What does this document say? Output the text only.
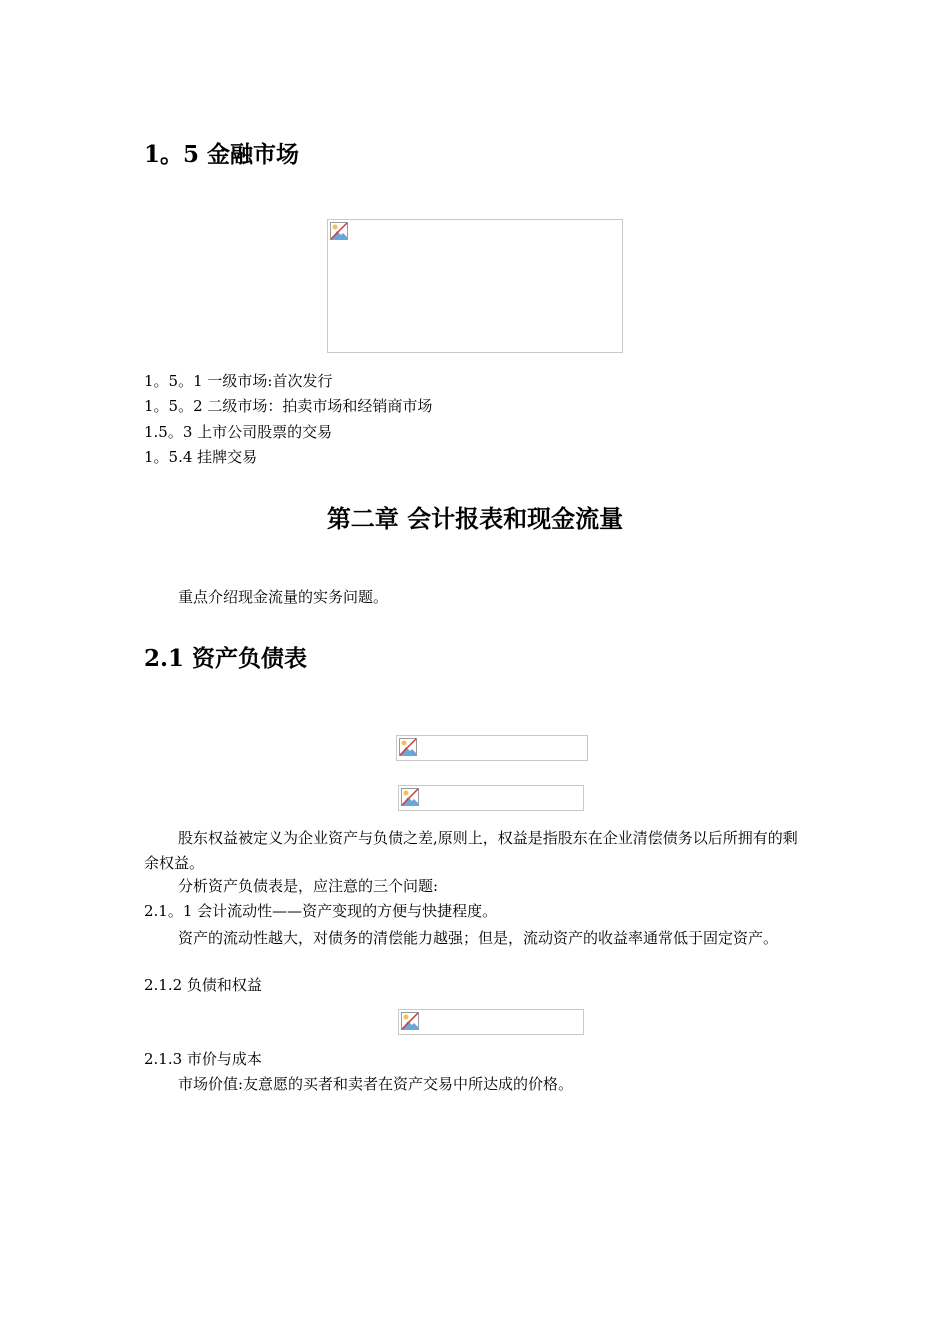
1。5 金融市场
1。5。1 一级市场:首次发行
1。5。2 二级市场：拍卖市场和经销商市场
1.5。3 上市公司股票的交易
1。5.4 挂牌交易
第二章 会计报表和现金流量
重点介绍现金流量的实务问题。
2.1 资产负债表
股东权益被定义为企业资产与负债之差,原则上，权益是指股东在企业清偿债务以后所拥有的剩余权益。
分析资产负债表是，应注意的三个问题:
2.1。1 会计流动性——资产变现的方便与快捷程度。
资产的流动性越大，对债务的清偿能力越强；但是，流动资产的收益率通常低于固定资产。
2.1.2 负债和权益
2.1.3 市价与成本
市场价值:友意愿的买者和卖者在资产交易中所达成的价格。
